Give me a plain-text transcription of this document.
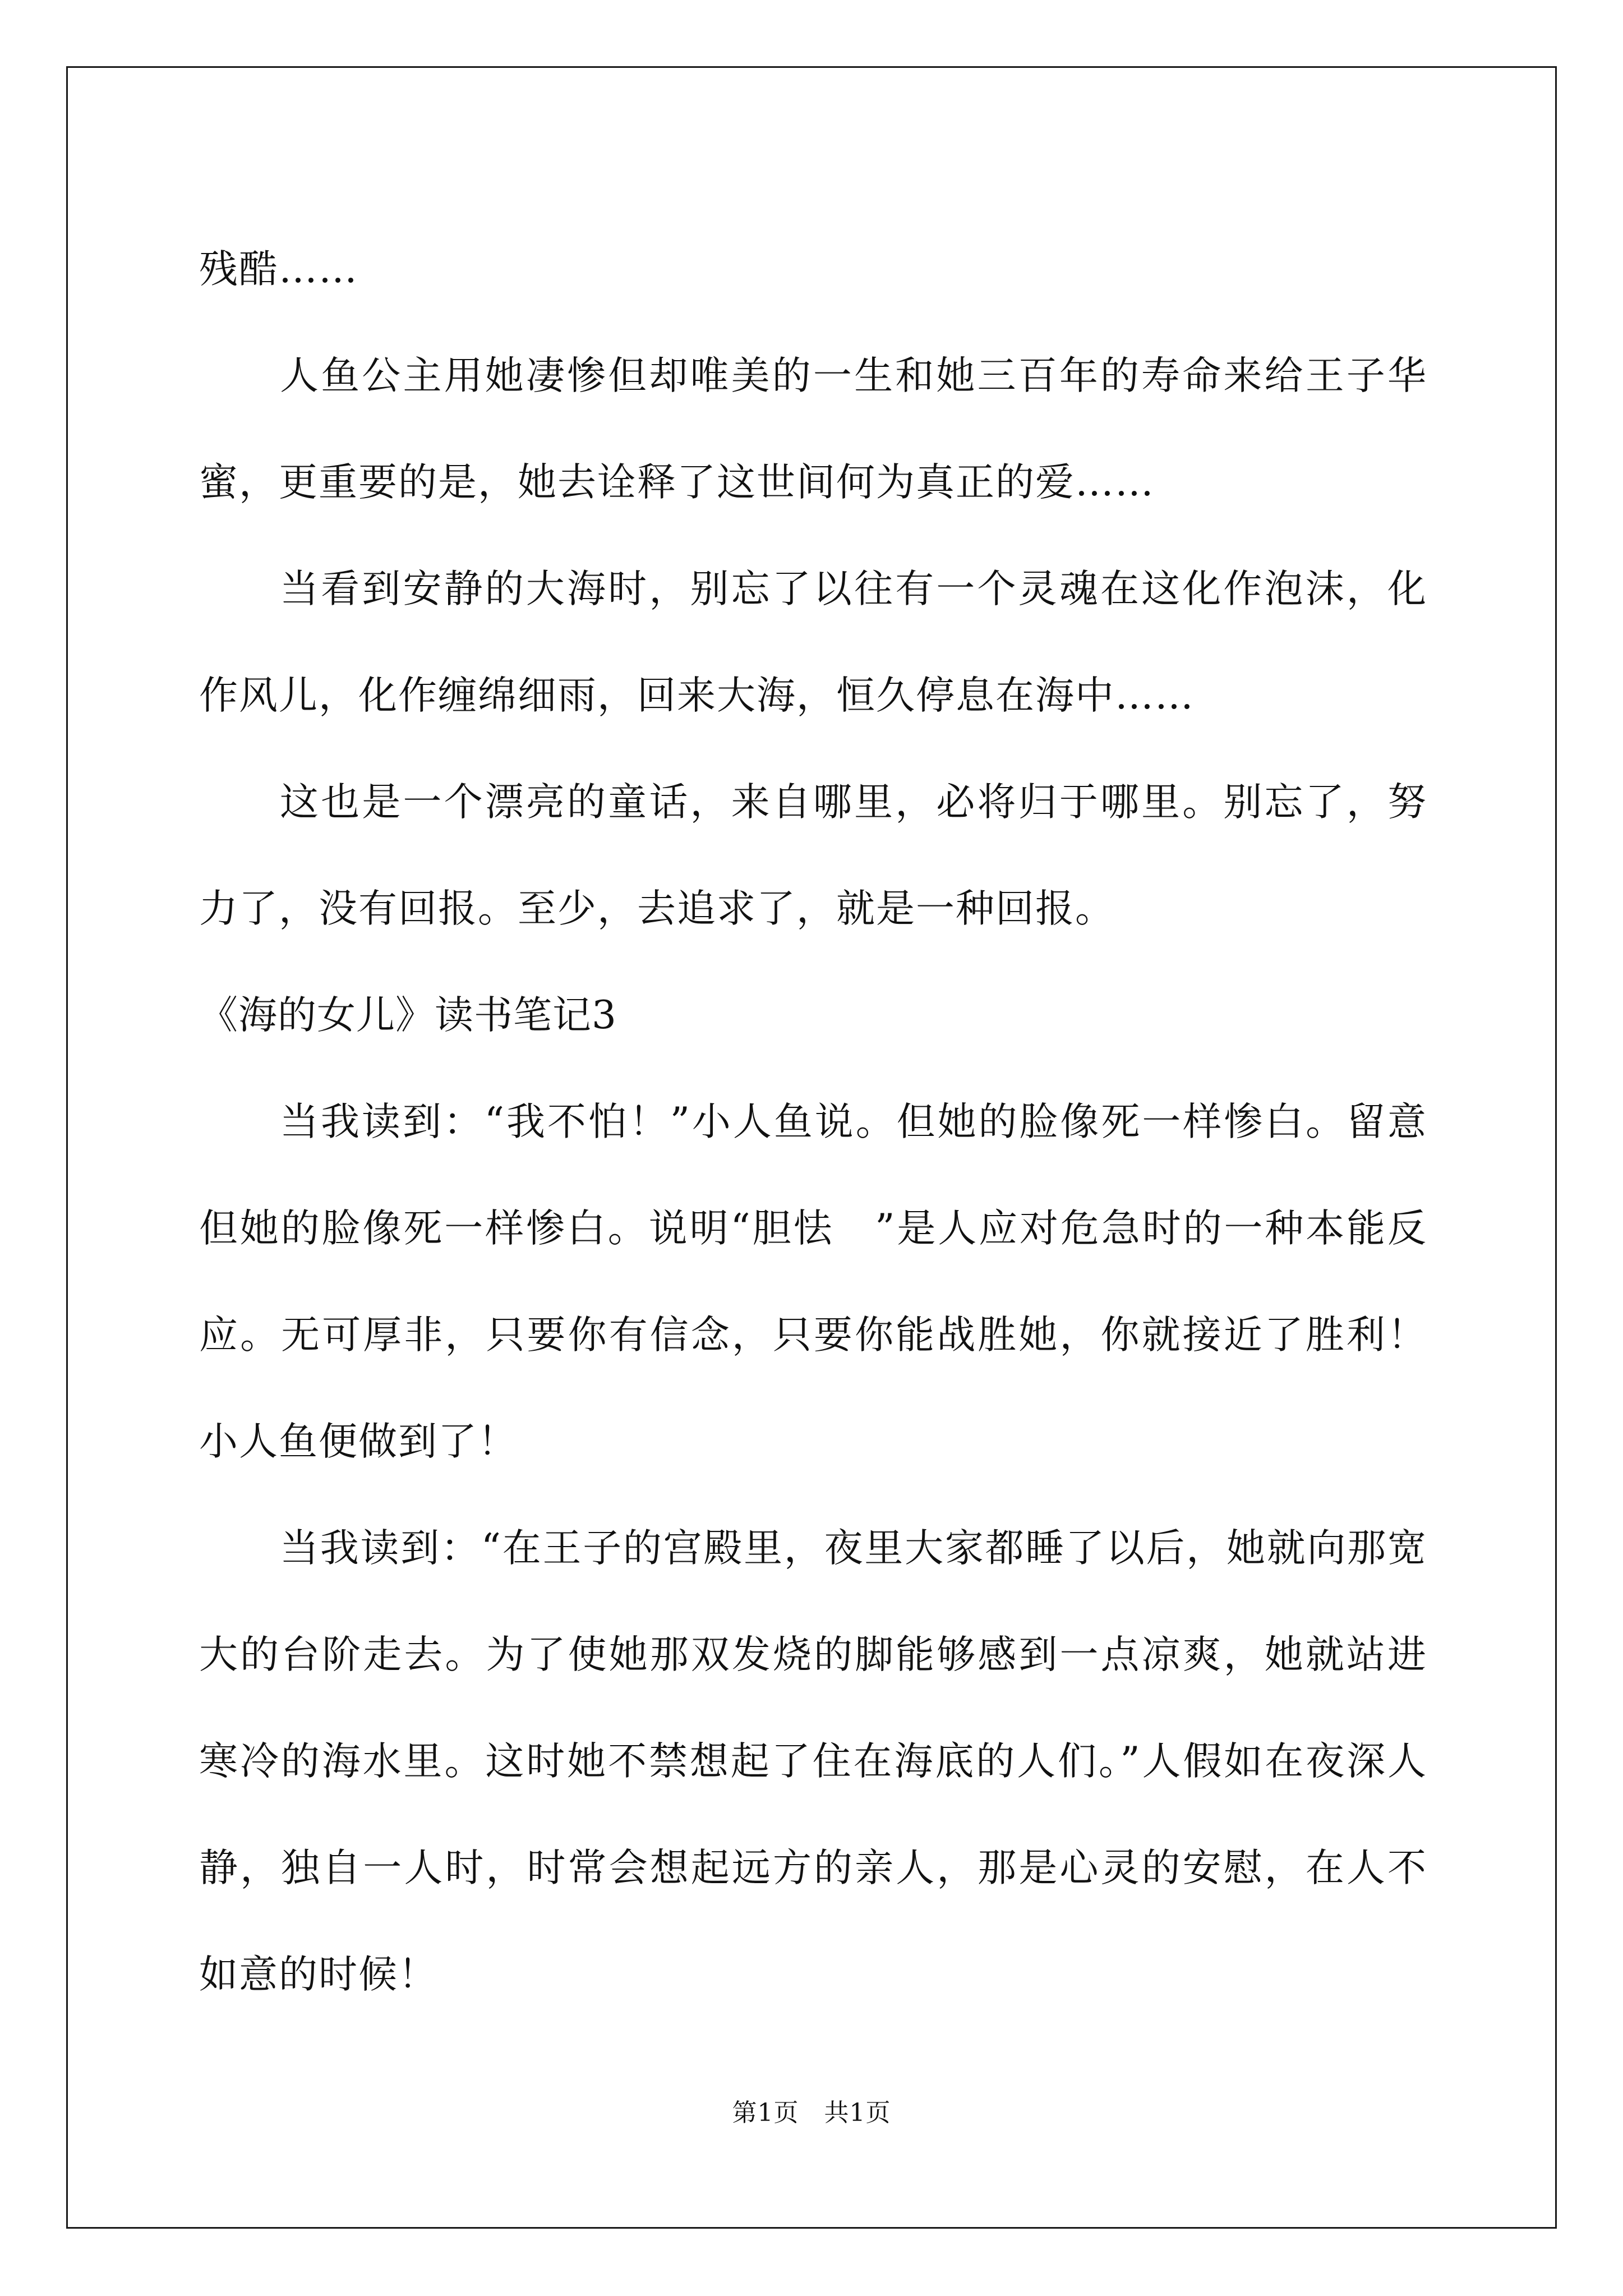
残酷……

人鱼公主用她凄惨但却唯美的一生和她三百年的寿命来给王子华蜜，更重要的是，她去诠释了这世间何为真正的爱……

当看到安静的大海时，别忘了以往有一个灵魂在这化作泡沫，化作风儿，化作缠绵细雨，回来大海，恒久停息在海中……

这也是一个漂亮的童话，来自哪里，必将归于哪里。别忘了，努力了，没有回报。至少，去追求了，就是一种回报。

《海的女儿》读书笔记3

当我读到：“我不怕！”小人鱼说。但她的脸像死一样惨白。留意但她的脸像死一样惨白。说明“胆怯　”是人应对危急时的一种本能反应。无可厚非，只要你有信念，只要你能战胜她，你就接近了胜利！小人鱼便做到了！

当我读到：“在王子的宫殿里，夜里大家都睡了以后，她就向那宽大的台阶走去。为了使她那双发烧的脚能够感到一点凉爽，她就站进寒冷的海水里。这时她不禁想起了住在海底的人们。”人假如在夜深人静，独自一人时，时常会想起远方的亲人，那是心灵的安慰，在人不如意的时候！

第1页　共1页
